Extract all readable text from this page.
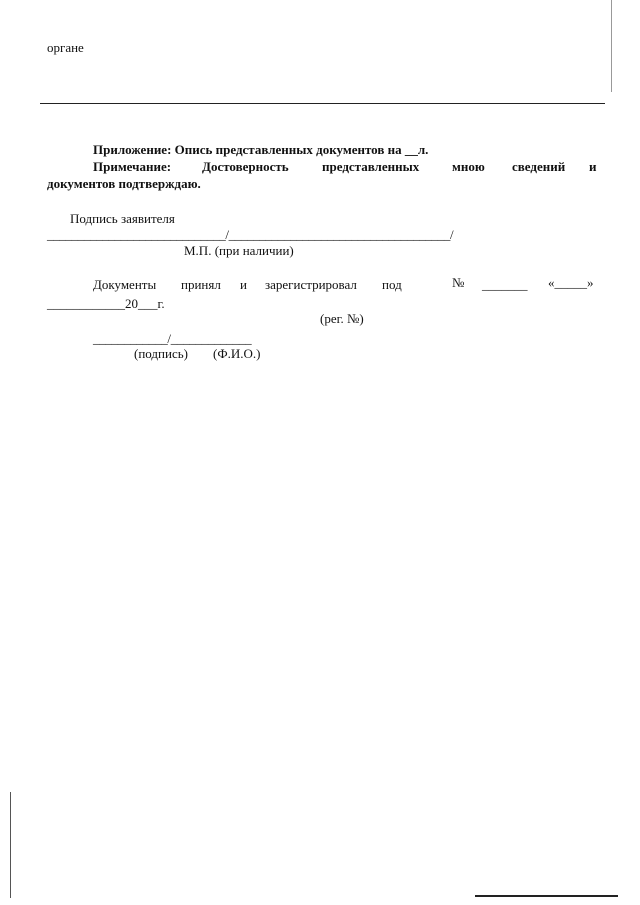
органе
Приложение: Опись представленных документов на __л.
Примечание: Достоверность	представленных	мною сведений и
документов подтверждаю.
Подпись заявителя
_____________________________/____________________________________/
М.П. (при наличии)
Документы принял и зарегистрировал под	№ _______ «_____»
____________20___г.
(рег. №)
____________/_____________
(подпись) (Ф.И.О.)
